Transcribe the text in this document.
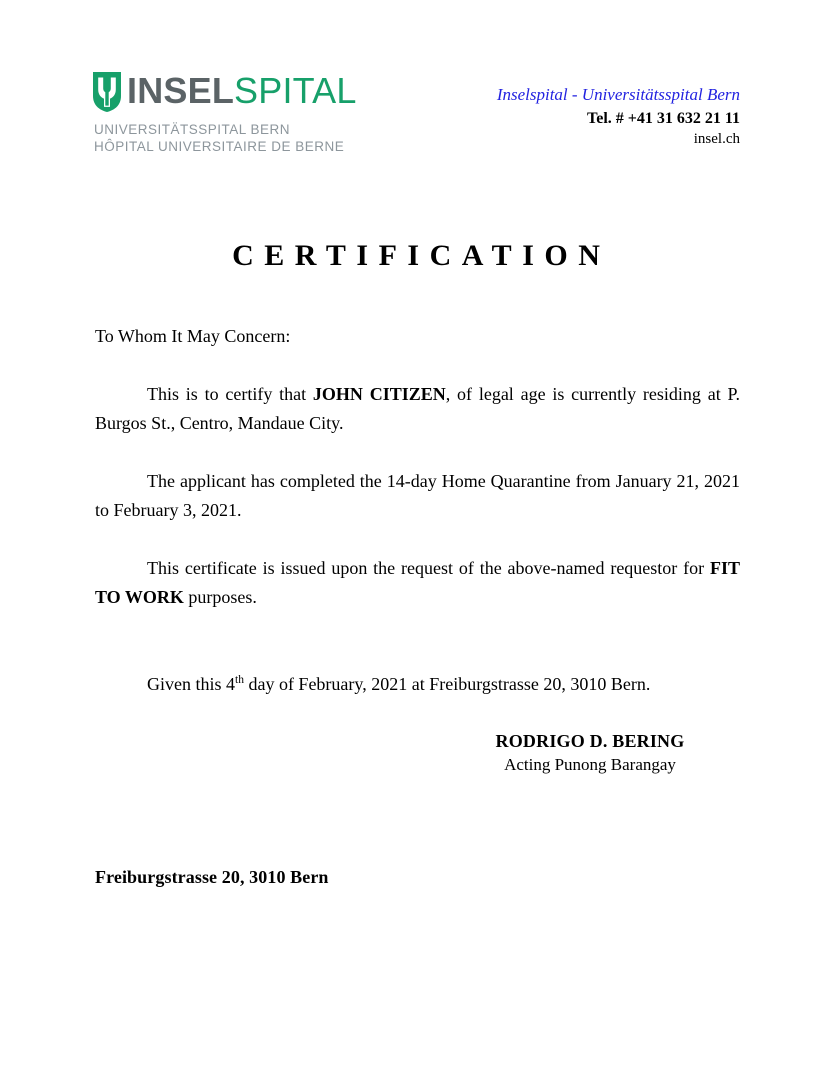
INSELSPITAL
UNIVERSITÄTSSPITAL BERN
HÔPITAL UNIVERSITAIRE DE BERNE
Inselspital - Universitätsspital Bern
Tel. # +41 31 632 21 11
insel.ch
CERTIFICATION
To Whom It May Concern:

This is to certify that JOHN CITIZEN, of legal age is currently residing at P. Burgos St., Centro, Mandaue City.

The applicant has completed the 14-day Home Quarantine from January 21, 2021 to February 3, 2021.

This certificate is issued upon the request of the above-named requestor for FIT TO WORK purposes.

Given this 4th day of February, 2021 at Freiburgstrasse 20, 3010 Bern.

RODRIGO D. BERING
Acting Punong Barangay
Freiburgstrasse 20, 3010 Bern
